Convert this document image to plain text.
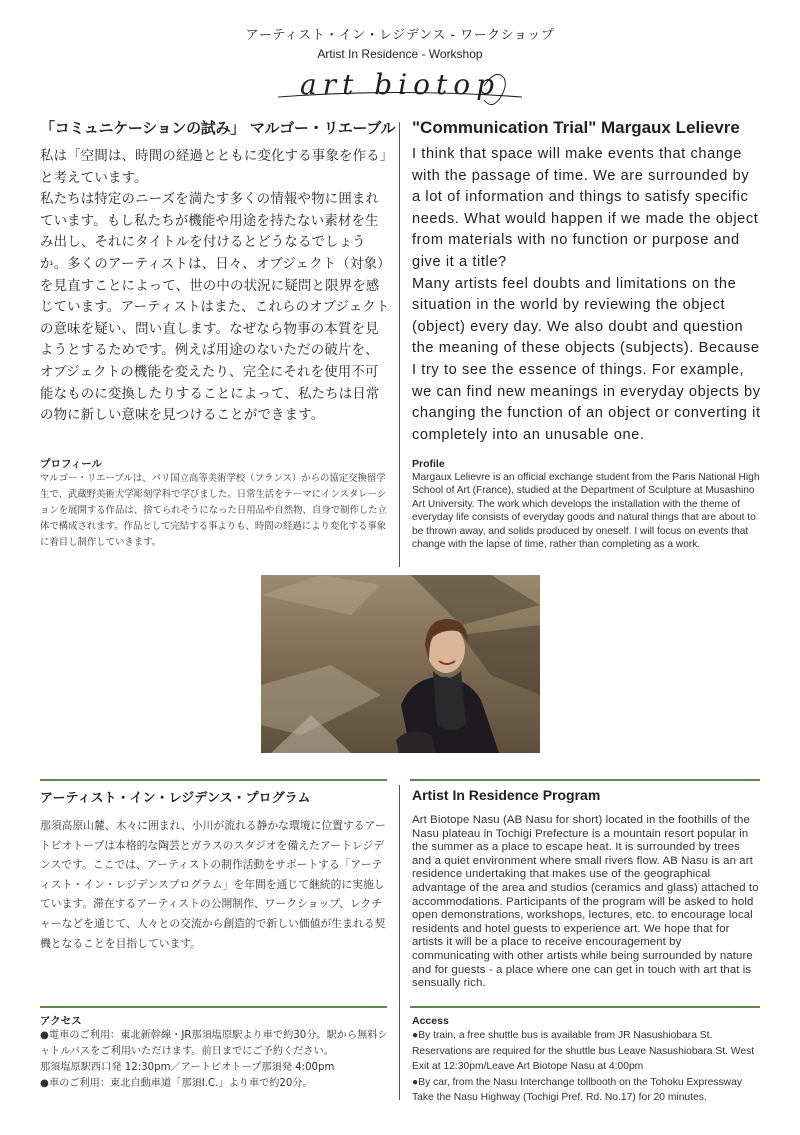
アーティスト・イン・レジデンス - ワークショップ
Artist In Residence - Workshop
art biotop
「コミュニケーションの試み」 マルゴー・リエーブル

私は「空間は、時間の経過とともに変化する事象を作る」と考えています。

私たちは特定のニーズを満たす多くの情報や物に囲まれています。もし私たちが機能や用途を持たない素材を生み出し、それにタイトルを付けるとどうなるでしょうか。多くのアーティストは、日々、オブジェクト（対象）を見直すことによって、世の中の状況に疑問と限界を感じています。アーティストはまた、これらのオブジェクトの意味を疑い、問い直します。なぜなら物事の本質を見ようとするためです。例えば用途のないただの破片を、オブジェクトの機能を変えたり、完全にそれを使用不可能なものに変換したりすることによって、私たちは日常の物に新しい意味を見つけることができます。

プロフィール
マルゴー・リエーブルは、パリ国立高等美術学校（フランス）からの協定交換留学生で、武蔵野美術大学彫刻学科で学びました。日常生活をテーマにインスタレーションを展開する作品は、捨てられそうになった日用品や自然物、自身で制作した立体で構成されます。作品として完結する事よりも、時間の経過により変化する事象に着目し制作していきます。
"Communication Trial" Margaux Lelievre

I think that space will make events that change with the passage of time. We are surrounded by a lot of information and things to satisfy specific needs. What would happen if we made the object from materials with no function or purpose and give it a title?

Many artists feel doubts and limitations on the situation in the world by reviewing the object (object) every day. We also doubt and question the meaning of these objects (subjects). Because I try to see the essence of things. For example, we can find new meanings in everyday objects by changing the function of an object or converting it completely into an unusable one.

Profile
Margaux Lelievre is an official exchange student from the Paris National High School of Art (France), studied at the Department of Sculpture at Musashino Art University. The work which develops the installation with the theme of everyday life consists of everyday goods and natural things that are about to be thrown away, and solids produced by oneself. I will focus on events that change with the lapse of time, rather than completing as a work.
アーティスト・イン・レジデンス・プログラム
那須高原山麓、木々に囲まれ、小川が流れる静かな環境に位置するアートビオトープは本格的な陶芸とガラスのスタジオを備えたアートレジデンスです。ここでは、アーティストの制作活動をサポートする「アーティスト・イン・レジデンスプログラム」を年間を通じて継続的に実施しています。滞在するアーティストの公開制作、ワークショップ、レクチャーなどを通じて、人々との交流から創造的で新しい価値が生まれる契機となることを目指しています。
Artist In Residence Program
Art Biotope Nasu (AB Nasu for short) located in the foothills of the Nasu plateau in Tochigi Prefecture is a mountain resort popular in the summer as a place to escape heat. It is surrounded by trees and a quiet environment where small rivers flow. AB Nasu is an art residence undertaking that makes use of the geographical advantage of the area and studios (ceramics and glass) attached to accommodations. Participants of the program will be asked to hold open demonstrations, workshops, lectures, etc. to encourage local residents and hotel guests to experience art. We hope that for artists it will be a place to receive encouragement by communicating with other artists while being surrounded by nature and for guests - a place where one can get in touch with art that is sensually rich.
アクセス
●電車のご利用：東北新幹線・JR那須塩原駅より車で約30分。駅から無料シャトルバスをご利用いただけます。前日までにご予約ください。
那須塩原駅西口発 12:30pm／アートビオトープ那須発 4:00pm
●車のご利用：東北自動車道「那須I.C.」より車で約20分。
Access
●By train, a free shuttle bus is available from JR Nasushiobara St. Reservations are required for the shuttle bus Leave Nasushiobara St. West Exit at 12:30pm/Leave Art Biotope Nasu at 4:00pm
●By car, from the Nasu Interchange tollbooth on the Tohoku Expressway Take the Nasu Highway (Tochigi Pref. Rd. No.17) for 20 minutes.
